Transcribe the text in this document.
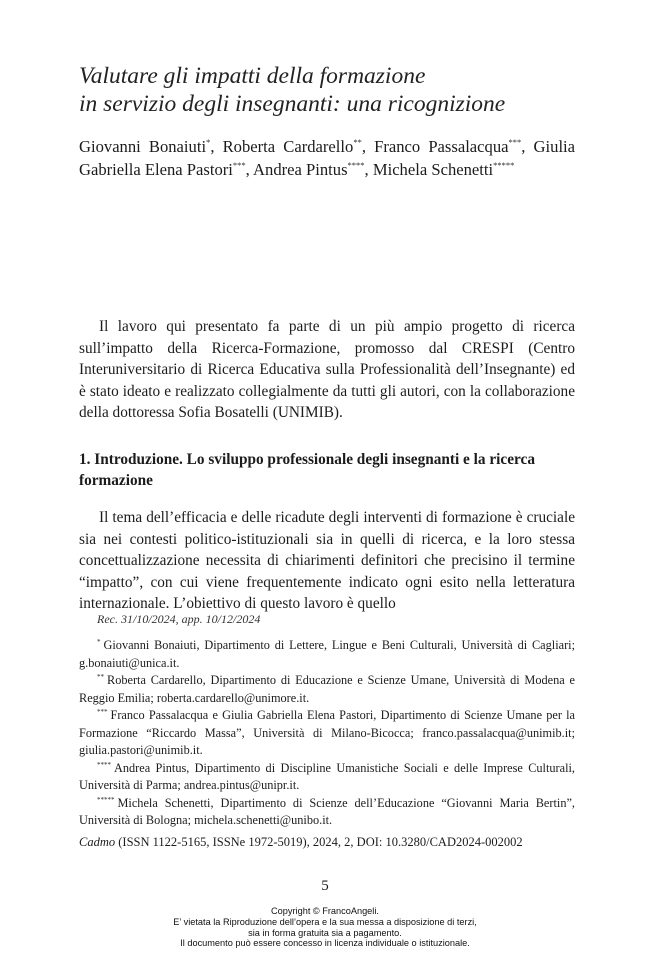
Valutare gli impatti della formazione
in servizio degli insegnanti: una ricognizione
Giovanni Bonaiuti*, Roberta Cardarello**, Franco Passalacqua***, Giulia Gabriella Elena Pastori***, Andrea Pintus****, Michela Schenetti*****

Il lavoro qui presentato fa parte di un più ampio progetto di ricerca sull’impatto della Ricerca-Formazione, promosso dal CRESPI (Centro Interuniversitario di Ricerca Educativa sulla Professionalità dell’Insegnante) ed è stato ideato e realizzato collegialmente da tutti gli autori, con la collaborazione della dottoressa Sofia Bosatelli (UNIMIB).

1. Introduzione. Lo sviluppo professionale degli insegnanti e la ricerca formazione

Il tema dell’efficacia e delle ricadute degli interventi di formazione è cruciale sia nei contesti politico-istituzionali sia in quelli di ricerca, e la loro stessa concettualizzazione necessita di chiarimenti definitori che precisino il termine “impatto”, con cui viene frequentemente indicato ogni esito nella letteratura internazionale. L’obiettivo di questo lavoro è quello

Rec. 31/10/2024, app. 10/12/2024
* Giovanni Bonaiuti, Dipartimento di Lettere, Lingue e Beni Culturali, Università di Cagliari; g.bonaiuti@unica.it.
** Roberta Cardarello, Dipartimento di Educazione e Scienze Umane, Università di Modena e Reggio Emilia; roberta.cardarello@unimore.it.
*** Franco Passalacqua e Giulia Gabriella Elena Pastori, Dipartimento di Scienze Umane per la Formazione “Riccardo Massa”, Università di Milano-Bicocca; franco.passalacqua@unimib.it; giulia.pastori@unimib.it.
**** Andrea Pintus, Dipartimento di Discipline Umanistiche Sociali e delle Imprese Culturali, Università di Parma; andrea.pintus@unipr.it.
***** Michela Schenetti, Dipartimento di Scienze dell’Educazione “Giovanni Maria Bertin”, Università di Bologna; michela.schenetti@unibo.it.
Cadmo (ISSN 1122-5165, ISSNe 1972-5019), 2024, 2, DOI: 10.3280/CAD2024-002002
5
Copyright © FrancoAngeli.
E’ vietata la Riproduzione dell’opera e la sua messa a disposizione di terzi,
sia in forma gratuita sia a pagamento.
Il documento può essere concesso in licenza individuale o istituzionale.
